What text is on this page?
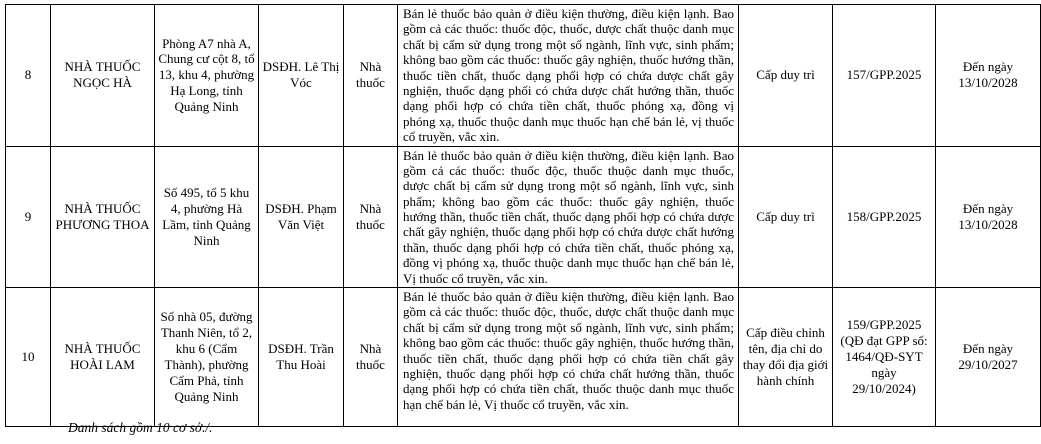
8	NHÀ THUỐC NGỌC HÀ	Phòng A7 nhà A, Chung cư cột 8, tổ 13, khu 4, phường Hạ Long, tỉnh Quảng Ninh	DSĐH. Lê Thị Vóc	Nhà thuốc	Bán lẻ thuốc bảo quản ở điều kiện thường, điều kiện lạnh. Bao gồm cả các thuốc: thuốc độc, thuốc, dược chất thuộc danh mục chất bị cấm sử dụng trong một số ngành, lĩnh vực, sinh phẩm; không bao gồm các thuốc: thuốc gây nghiện, thuốc hướng thần, thuốc tiền chất, thuốc dạng phối hợp có chứa dược chất gây nghiện, thuốc dạng phối có chứa dược chất hướng thần, thuốc dạng phối hợp có chứa tiền chất, thuốc phóng xạ, đồng vị phóng xạ, thuốc thuộc danh mục thuốc hạn chế bán lẻ, vị thuốc cổ truyền, vắc xin.	Cấp duy trì	157/GPP.2025	Đến ngày 13/10/2028
9	NHÀ THUỐC PHƯƠNG THOA	Số 495, tổ 5 khu 4, phường Hà Lầm, tỉnh Quảng Ninh	DSĐH. Phạm Văn Việt	Nhà thuốc	Bán lẻ thuốc bảo quản ở điều kiện thường, điều kiện lạnh. Bao gồm cả các thuốc: thuốc độc, thuốc thuộc danh mục thuốc, dược chất bị cấm sử dụng trong một số ngành, lĩnh vực, sinh phẩm; không bao gồm các thuốc: thuốc gây nghiện, thuốc hướng thần, thuốc tiền chất, thuốc dạng phối hợp có chứa dược chất gây nghiện, thuốc dạng phối hợp có chứa dược chất hướng thần, thuốc dạng phối hợp có chứa tiền chất, thuốc phóng xạ, đồng vị phóng xạ, thuốc thuộc danh mục thuốc hạn chế bán lẻ, Vị thuốc cổ truyền, vắc xin.	Cấp duy trì	158/GPP.2025	Đến ngày 13/10/2028
10	NHÀ THUỐC HOÀI LAM	Số nhà 05, đường Thanh Niên, tổ 2, khu 6 (Cẩm Thành), phường Cẩm Phả, tỉnh Quảng Ninh	DSĐH. Trần Thu Hoài	Nhà thuốc	Bán lẻ thuốc bảo quản ở điều kiện thường, điều kiện lạnh. Bao gồm cả các thuốc: thuốc độc, thuốc, dược chất thuộc danh mục chất bị cấm sử dụng trong một số ngành, lĩnh vực, sinh phẩm; không bao gồm các thuốc: thuốc gây nghiện, thuốc hướng thần, thuốc tiền chất, thuốc dạng phối hợp có chứa tiền chất gây nghiện, thuốc dạng phối hợp có chứa chất hướng thần, thuốc dạng phối hợp có chứa tiền chất, thuốc thuộc danh mục thuốc hạn chế bán lẻ, Vị thuốc cổ truyền, vắc xin.	Cấp điều chỉnh tên, địa chỉ do thay đổi địa giới hành chính	159/GPP.2025 (QĐ đạt GPP số: 1464/QĐ-SYT ngày 29/10/2024)	Đến ngày 29/10/2027
Danh sách gồm 10 cơ sở./.
